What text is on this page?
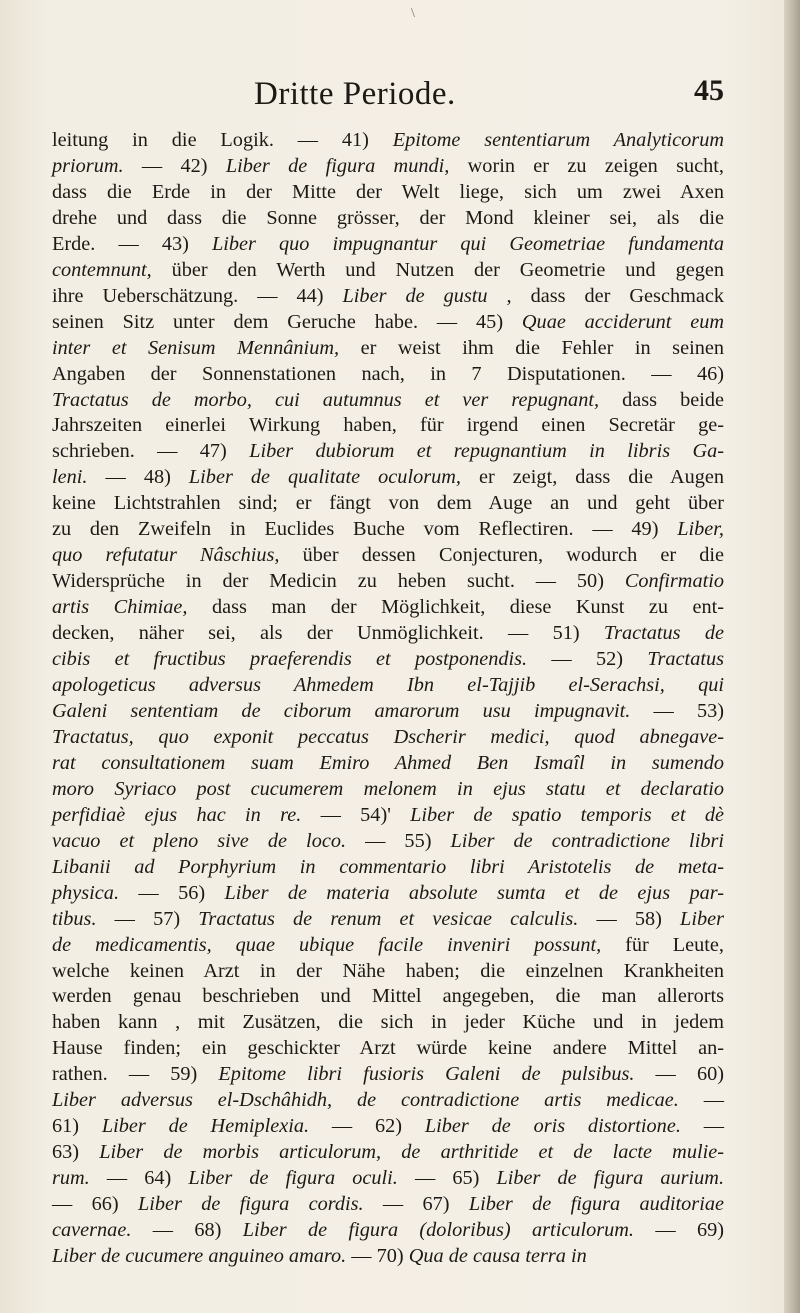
\
Dritte Periode.	45
leitung in die Logik. — 41) Epitome sententiarum Analyticorum
priorum. — 42) Liber de figura mundi, worin er zu zeigen sucht,
dass die Erde in der Mitte der Welt liege, sich um zwei Axen
drehe und dass die Sonne grösser, der Mond kleiner sei, als die
Erde. — 43) Liber quo impugnantur qui Geometriae fundamenta
contemnunt, über den Werth und Nutzen der Geometrie und gegen
ihre Ueberschätzung. — 44) Liber de gustu , dass der Geschmack
seinen Sitz unter dem Geruche habe. — 45) Quae acciderunt eum
inter et Senisum Mennânium, er weist ihm die Fehler in seinen
Angaben der Sonnenstationen nach, in 7 Disputationen. — 46)
Tractatus de morbo, cui autumnus et ver repugnant, dass beide
Jahrszeiten einerlei Wirkung haben, für irgend einen Secretär ge-
schrieben. — 47) Liber dubiorum et repugnantium in libris Ga-
leni. — 48) Liber de qualitate oculorum, er zeigt, dass die Augen
keine Lichtstrahlen sind; er fängt von dem Auge an und geht über
zu den Zweifeln in Euclides Buche vom Reflectiren. — 49) Liber,
quo refutatur Nâschius, über dessen Conjecturen, wodurch er die
Widersprüche in der Medicin zu heben sucht. — 50) Confirmatio
artis Chimiae, dass man der Möglichkeit, diese Kunst zu ent-
decken, näher sei, als der Unmöglichkeit. — 51) Tractatus de
cibis et fructibus praeferendis et postponendis. — 52) Tractatus
apologeticus adversus Ahmedem Ibn el-Tajjib el-Serachsi, qui
Galeni sententiam de ciborum amarorum usu impugnavit. — 53)
Tractatus, quo exponit peccatus Dscherir medici, quod abnegave-
rat consultationem suam Emiro Ahmed Ben Ismaîl in sumendo
moro Syriaco post cucumerem melonem in ejus statu et declaratio
perfidiaè ejus hac in re. — 54)' Liber de spatio temporis et dè
vacuo et pleno sive de loco. — 55) Liber de contradictione libri
Libanii ad Porphyrium in commentario libri Aristotelis de meta-
physica. — 56) Liber de materia absolute sumta et de ejus par-
tibus. — 57) Tractatus de renum et vesicae calculis. — 58) Liber
de medicamentis, quae ubique facile inveniri possunt, für Leute,
welche keinen Arzt in der Nähe haben; die einzelnen Krankheiten
werden genau beschrieben und Mittel angegeben, die man allerorts
haben kann , mit Zusätzen, die sich in jeder Küche und in jedem
Hause finden; ein geschickter Arzt würde keine andere Mittel an-
rathen. — 59) Epitome libri fusioris Galeni de pulsibus. — 60)
Liber adversus el-Dschâhidh, de contradictione artis medicae. —
61) Liber de Hemiplexia. — 62) Liber de oris distortione. —
63) Liber de morbis articulorum, de arthritide et de lacte mulie-
rum. — 64) Liber de figura oculi. — 65) Liber de figura aurium.
— 66) Liber de figura cordis. — 67) Liber de figura auditoriae
cavernae. — 68) Liber de figura (doloribus) articulorum. — 69)
Liber de cucumere anguineo amaro. — 70) Qua de causa terra in
